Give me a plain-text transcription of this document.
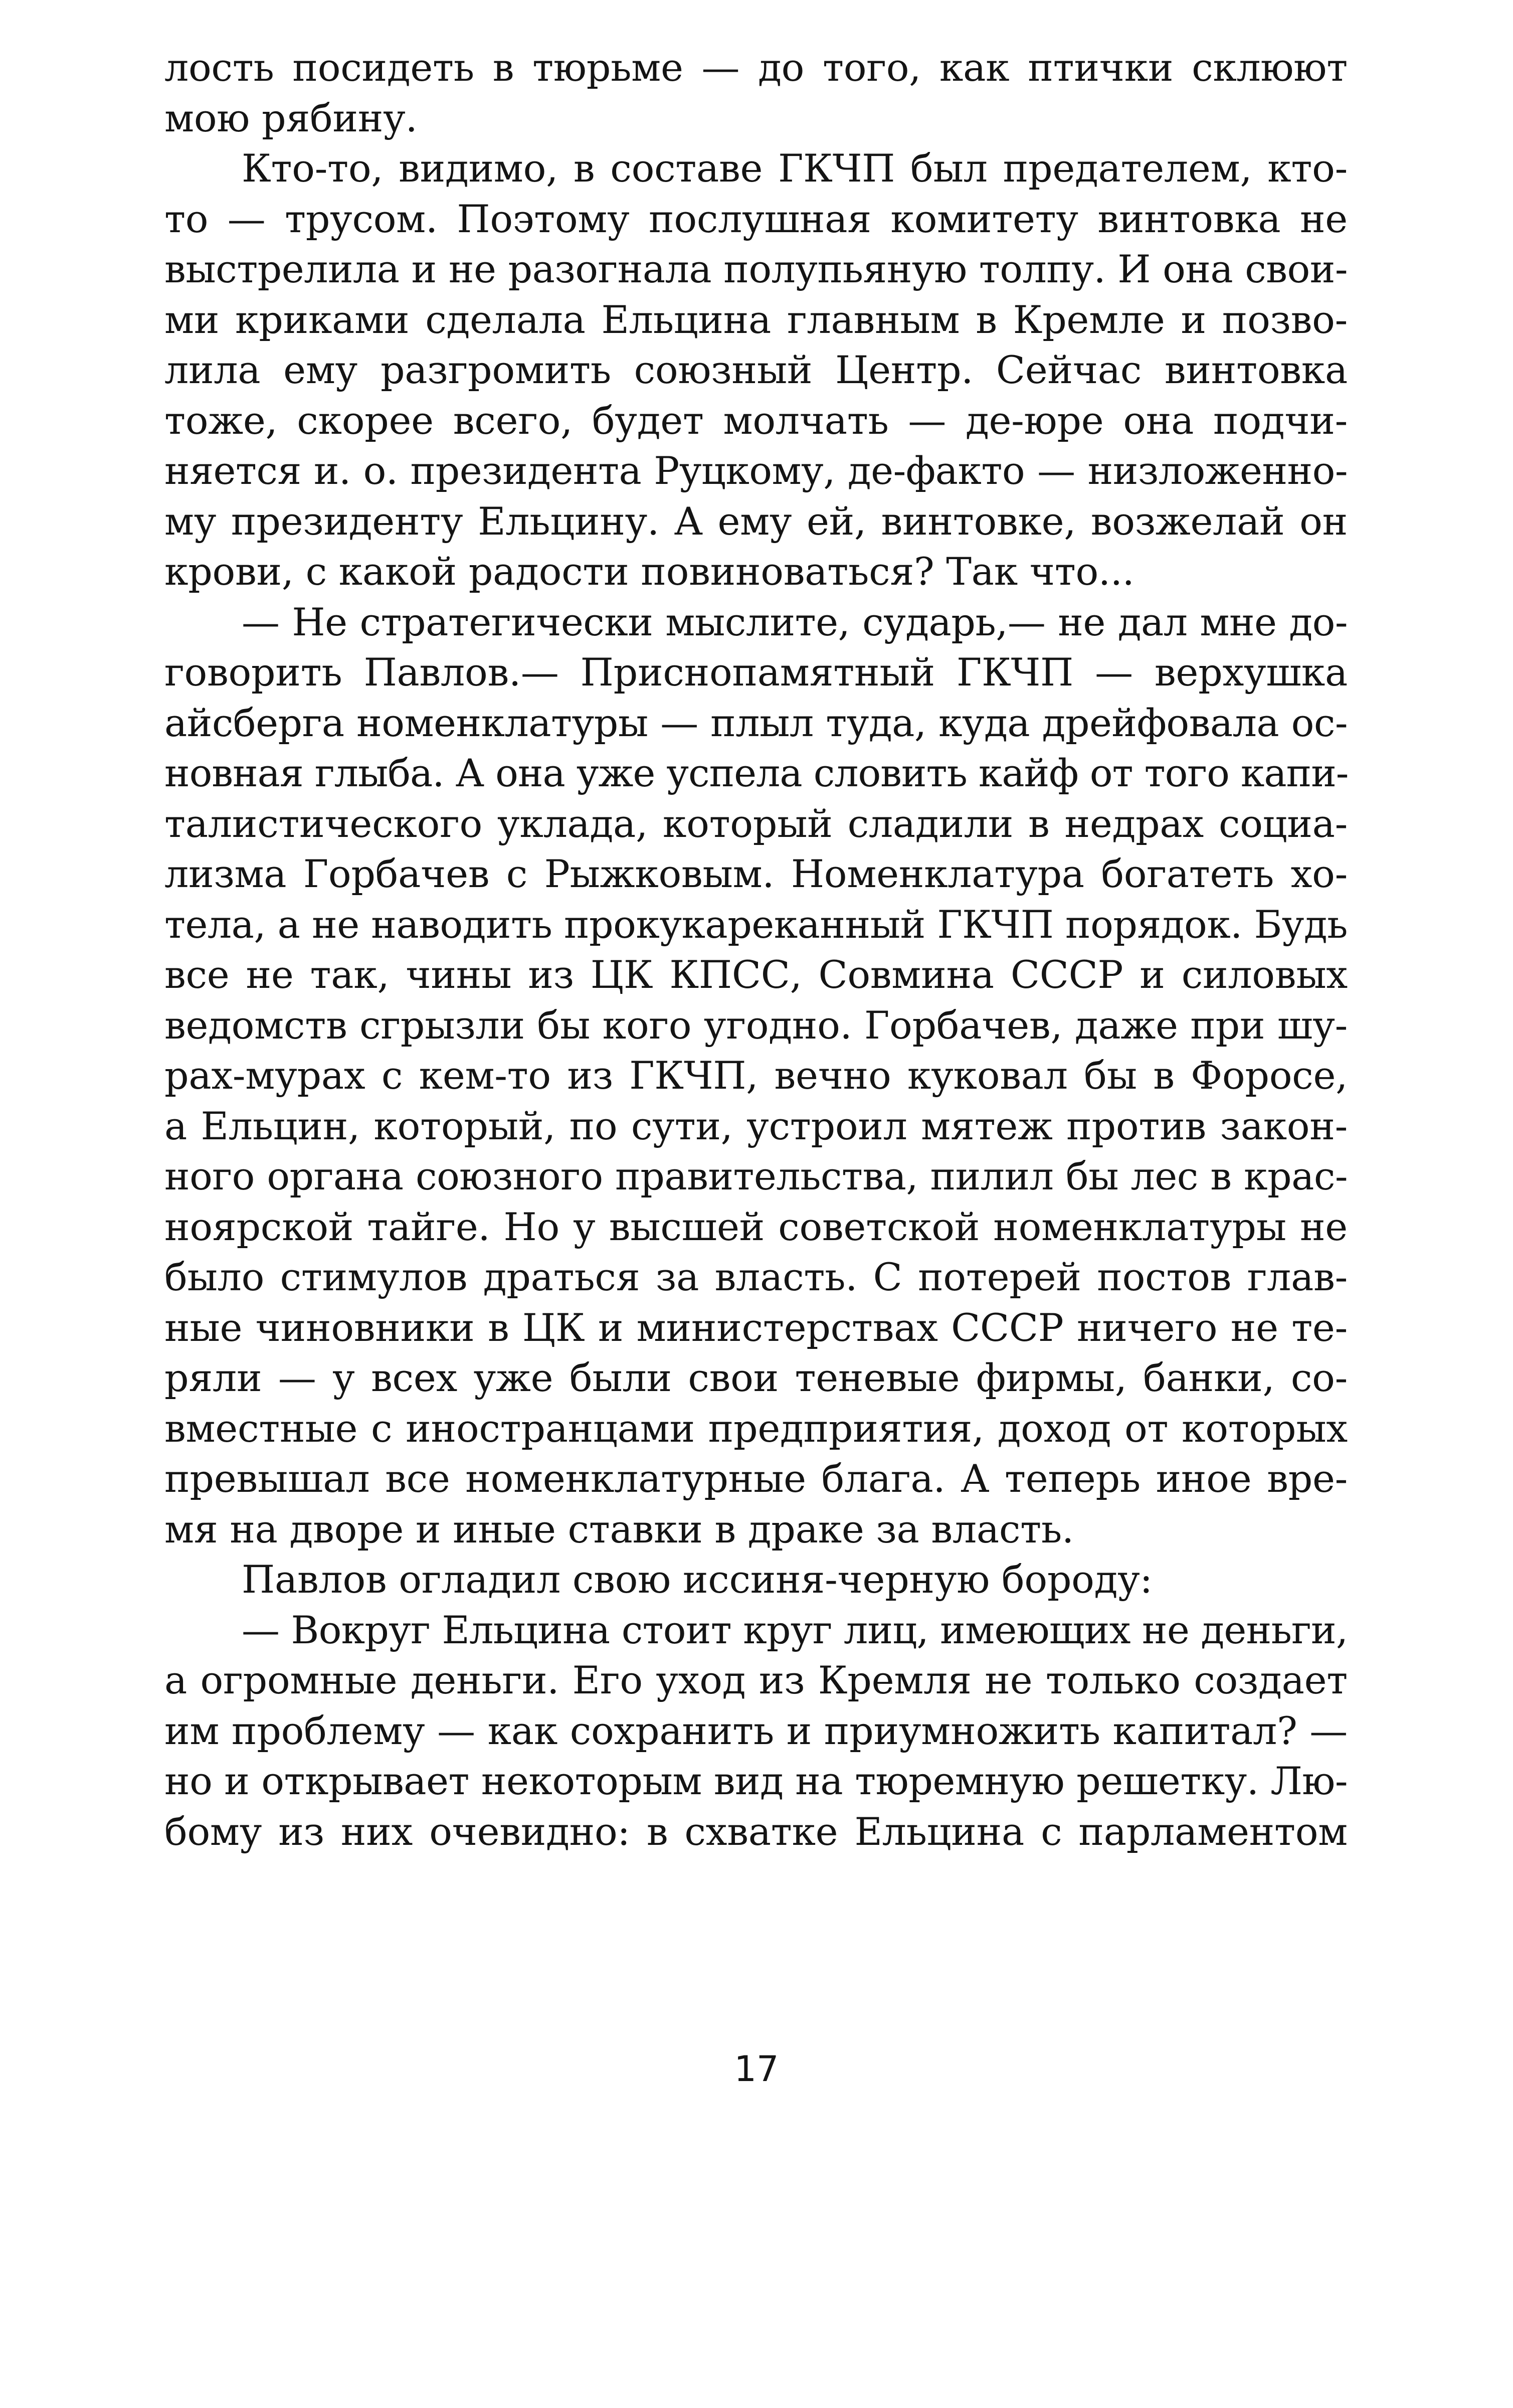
лость посидеть в тюрьме — до того, как птички склюют
мою рябину.
Кто-то, видимо, в составе ГКЧП был предателем, кто-
то — трусом. Поэтому послушная комитету винтовка не
выстрелила и не разогнала полупьяную толпу. И она свои-
ми криками сделала Ельцина главным в Кремле и позво-
лила ему разгромить союзный Центр. Сейчас винтовка
тоже, скорее всего, будет молчать — де-юре она подчи-
няется и. о. президента Руцкому, де-факто — низложенно-
му президенту Ельцину. А ему ей, винтовке, возжелай он
крови, с какой радости повиноваться? Так что...
— Не стратегически мыслите, сударь,— не дал мне до-
говорить Павлов.— Приснопамятный ГКЧП — верхушка
айсберга номенклатуры — плыл туда, куда дрейфовала ос-
новная глыба. А она уже успела словить кайф от того капи-
талистического уклада, который сладили в недрах социа-
лизма Горбачев с Рыжковым. Номенклатура богатеть хо-
тела, а не наводить прокукареканный ГКЧП порядок. Будь
все не так, чины из ЦК КПСС, Совмина СССР и силовых
ведомств сгрызли бы кого угодно. Горбачев, даже при шу-
рах-мурах с кем-то из ГКЧП, вечно куковал бы в Форосе,
а Ельцин, который, по сути, устроил мятеж против закон-
ного органа союзного правительства, пилил бы лес в крас-
ноярской тайге. Но у высшей советской номенклатуры не
было стимулов драться за власть. С потерей постов глав-
ные чиновники в ЦК и министерствах СССР ничего не те-
ряли — у всех уже были свои теневые фирмы, банки, со-
вместные с иностранцами предприятия, доход от которых
превышал все номенклатурные блага. А теперь иное вре-
мя на дворе и иные ставки в драке за власть.
Павлов огладил свою иссиня-черную бороду:
— Вокруг Ельцина стоит круг лиц, имеющих не деньги,
а огромные деньги. Его уход из Кремля не только создает
им проблему — как сохранить и приумножить капитал? —
но и открывает некоторым вид на тюремную решетку. Лю-
бому из них очевидно: в схватке Ельцина с парламентом
17
